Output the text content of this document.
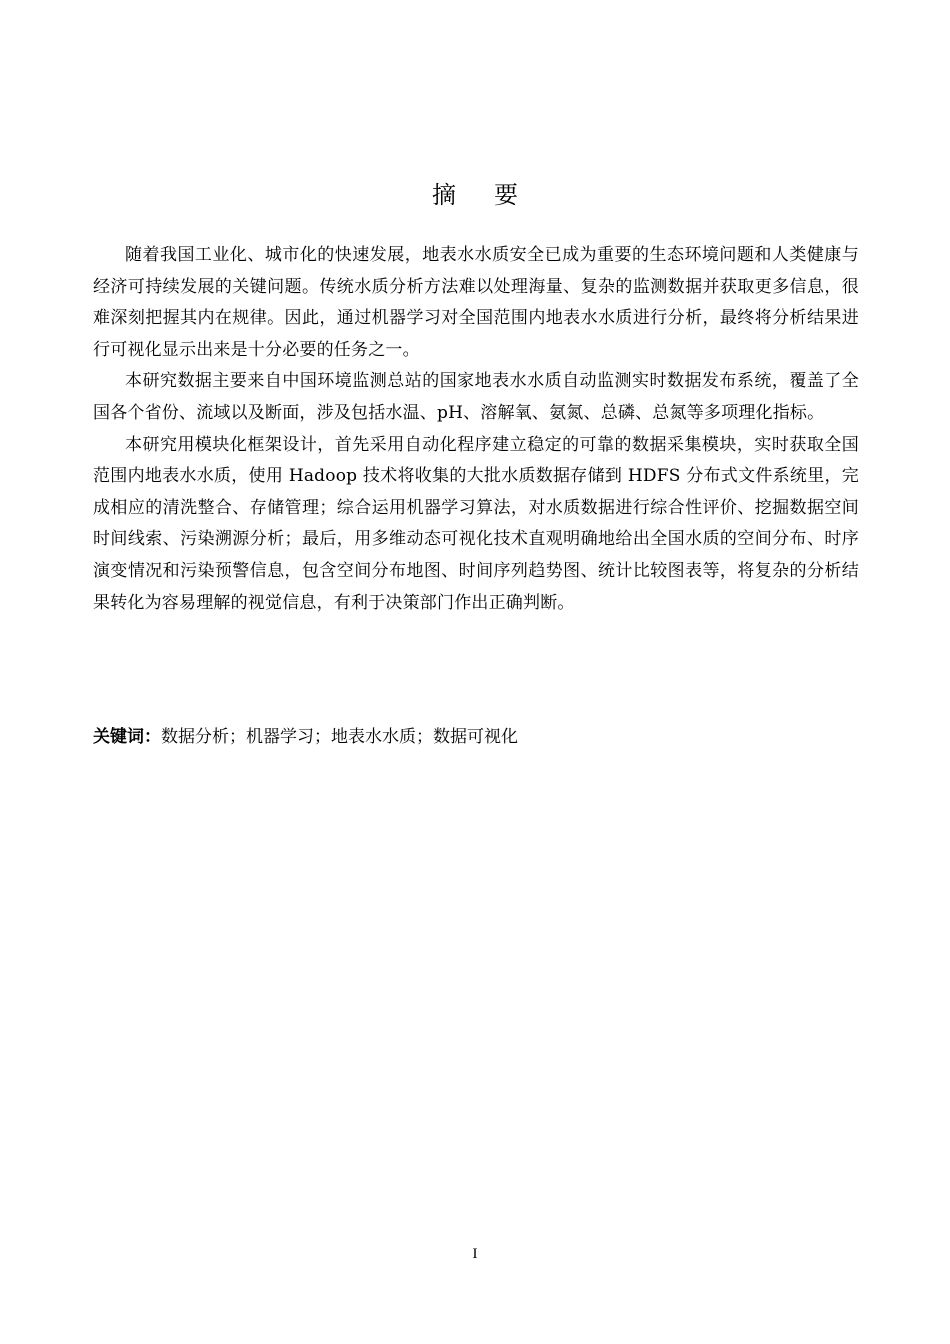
摘要

随着我国工业化、城市化的快速发展，地表水水质安全已成为重要的生态环境问题和人类健康与经济可持续发展的关键问题。传统水质分析方法难以处理海量、复杂的监测数据并获取更多信息，很难深刻把握其内在规律。因此，通过机器学习对全国范围内地表水水质进行分析，最终将分析结果进行可视化显示出来是十分必要的任务之一。

本研究数据主要来自中国环境监测总站的国家地表水水质自动监测实时数据发布系统，覆盖了全国各个省份、流域以及断面，涉及包括水温、pH、溶解氧、氨氮、总磷、总氮等多项理化指标。

本研究用模块化框架设计，首先采用自动化程序建立稳定的可靠的数据采集模块，实时获取全国范围内地表水水质，使用 Hadoop 技术将收集的大批水质数据存储到 HDFS 分布式文件系统里，完成相应的清洗整合、存储管理；综合运用机器学习算法，对水质数据进行综合性评价、挖掘数据空间时间线索、污染溯源分析；最后，用多维动态可视化技术直观明确地给出全国水质的空间分布、时序演变情况和污染预警信息，包含空间分布地图、时间序列趋势图、统计比较图表等，将复杂的分析结果转化为容易理解的视觉信息，有利于决策部门作出正确判断。

关键词：数据分析；机器学习；地表水水质；数据可视化
I
